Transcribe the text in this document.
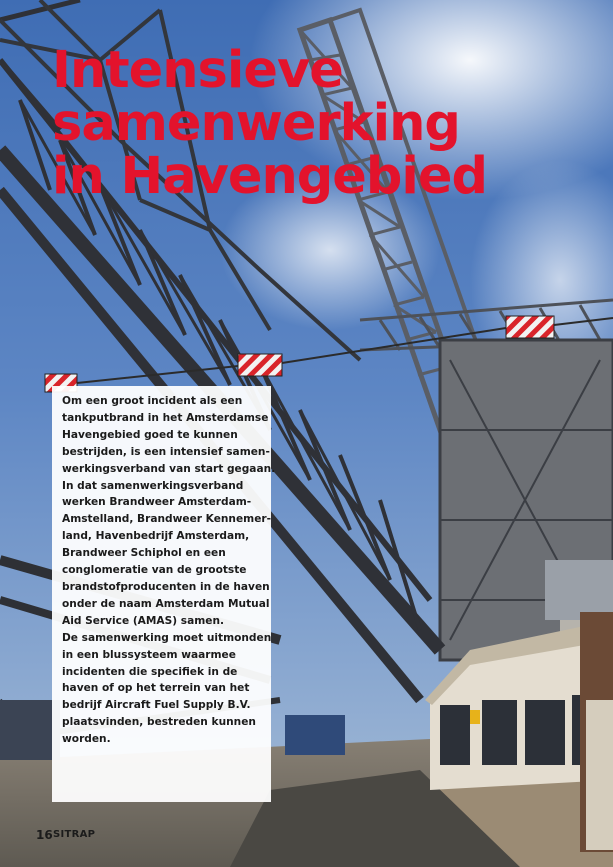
Intensieve
samenwerking
in Havengebied

Om een groot incident als een
tankputbrand in het Amsterdamse
Havengebied goed te kunnen
bestrijden, is een intensief samen-
werkingsverband van start gegaan.
In dat samenwerkingsverband
werken Brandweer Amsterdam-
Amstelland, Brandweer Kennemer-
land, Havenbedrijf Amsterdam,
Brandweer Schiphol en een
conglomeratie van de grootste
brandstofproducenten in de haven
onder de naam Amsterdam Mutual
Aid Service (AMAS) samen.
De samenwerking moet uitmonden
in een blussysteem waarmee
incidenten die specifiek in de
haven of op het terrein van het
bedrijf Aircraft Fuel Supply B.V.
plaatsvinden, bestreden kunnen
worden.

16 SITRAP
